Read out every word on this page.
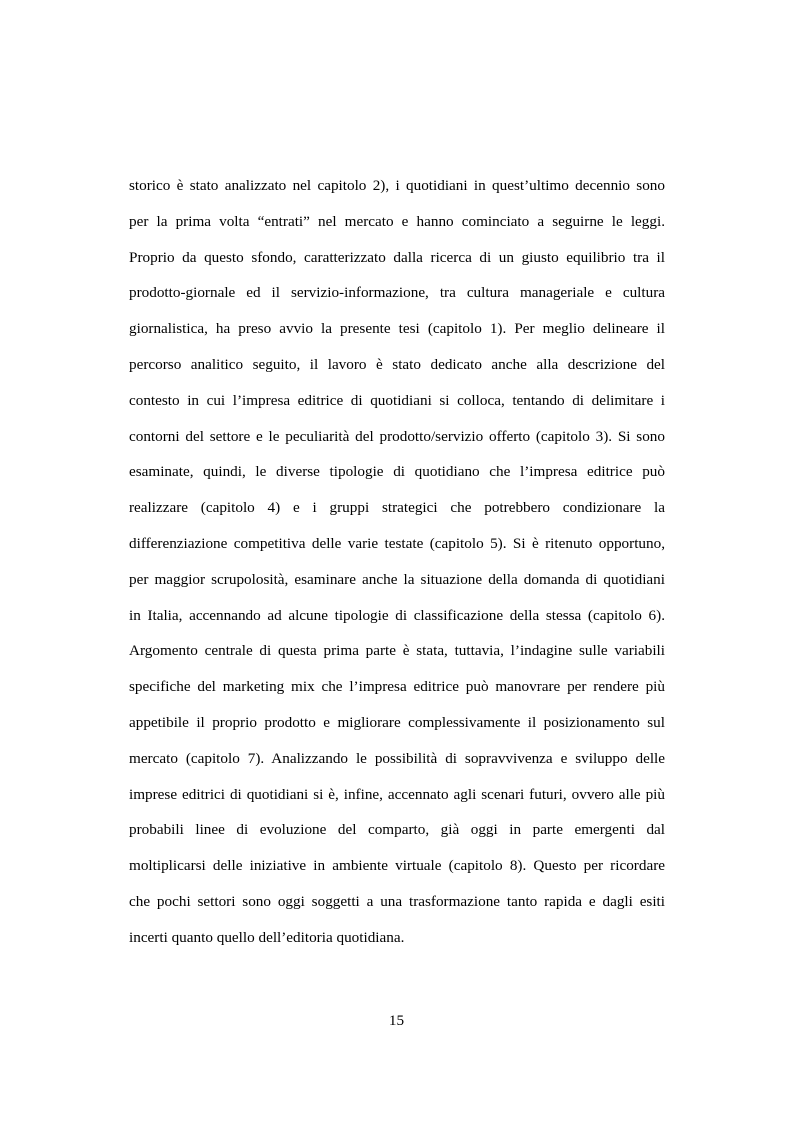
storico è stato analizzato nel capitolo 2), i quotidiani in quest’ultimo decennio sono
per la prima volta “entrati” nel mercato e hanno cominciato a seguirne le leggi.
Proprio da questo sfondo, caratterizzato dalla ricerca di un giusto equilibrio tra il
prodotto-giornale ed il servizio-informazione, tra cultura manageriale e cultura
giornalistica, ha preso avvio la presente tesi (capitolo 1). Per meglio delineare il
percorso analitico seguito, il lavoro è stato dedicato anche alla descrizione del
contesto in cui l’impresa editrice di quotidiani si colloca, tentando di delimitare i
contorni del settore e le peculiarità del prodotto/servizio offerto (capitolo 3). Si sono
esaminate, quindi, le diverse tipologie di quotidiano che l’impresa editrice può
realizzare (capitolo 4) e i gruppi strategici che potrebbero condizionare la
differenziazione competitiva delle varie testate (capitolo 5). Si è ritenuto opportuno,
per maggior scrupolosità, esaminare anche la situazione della domanda di quotidiani
in Italia, accennando ad alcune tipologie di classificazione della stessa (capitolo 6).
Argomento centrale di questa prima parte è stata, tuttavia, l’indagine sulle variabili
specifiche del marketing mix che l’impresa editrice può manovrare per rendere più
appetibile il proprio prodotto e migliorare complessivamente il posizionamento sul
mercato (capitolo 7). Analizzando le possibilità di sopravvivenza e sviluppo delle
imprese editrici di quotidiani si è, infine, accennato agli scenari futuri, ovvero alle più
probabili linee di evoluzione del comparto, già oggi in parte emergenti dal
moltiplicarsi delle iniziative in ambiente virtuale (capitolo 8). Questo per ricordare
che pochi settori sono oggi soggetti a una trasformazione tanto rapida e dagli esiti
incerti quanto quello dell’editoria quotidiana.
15
